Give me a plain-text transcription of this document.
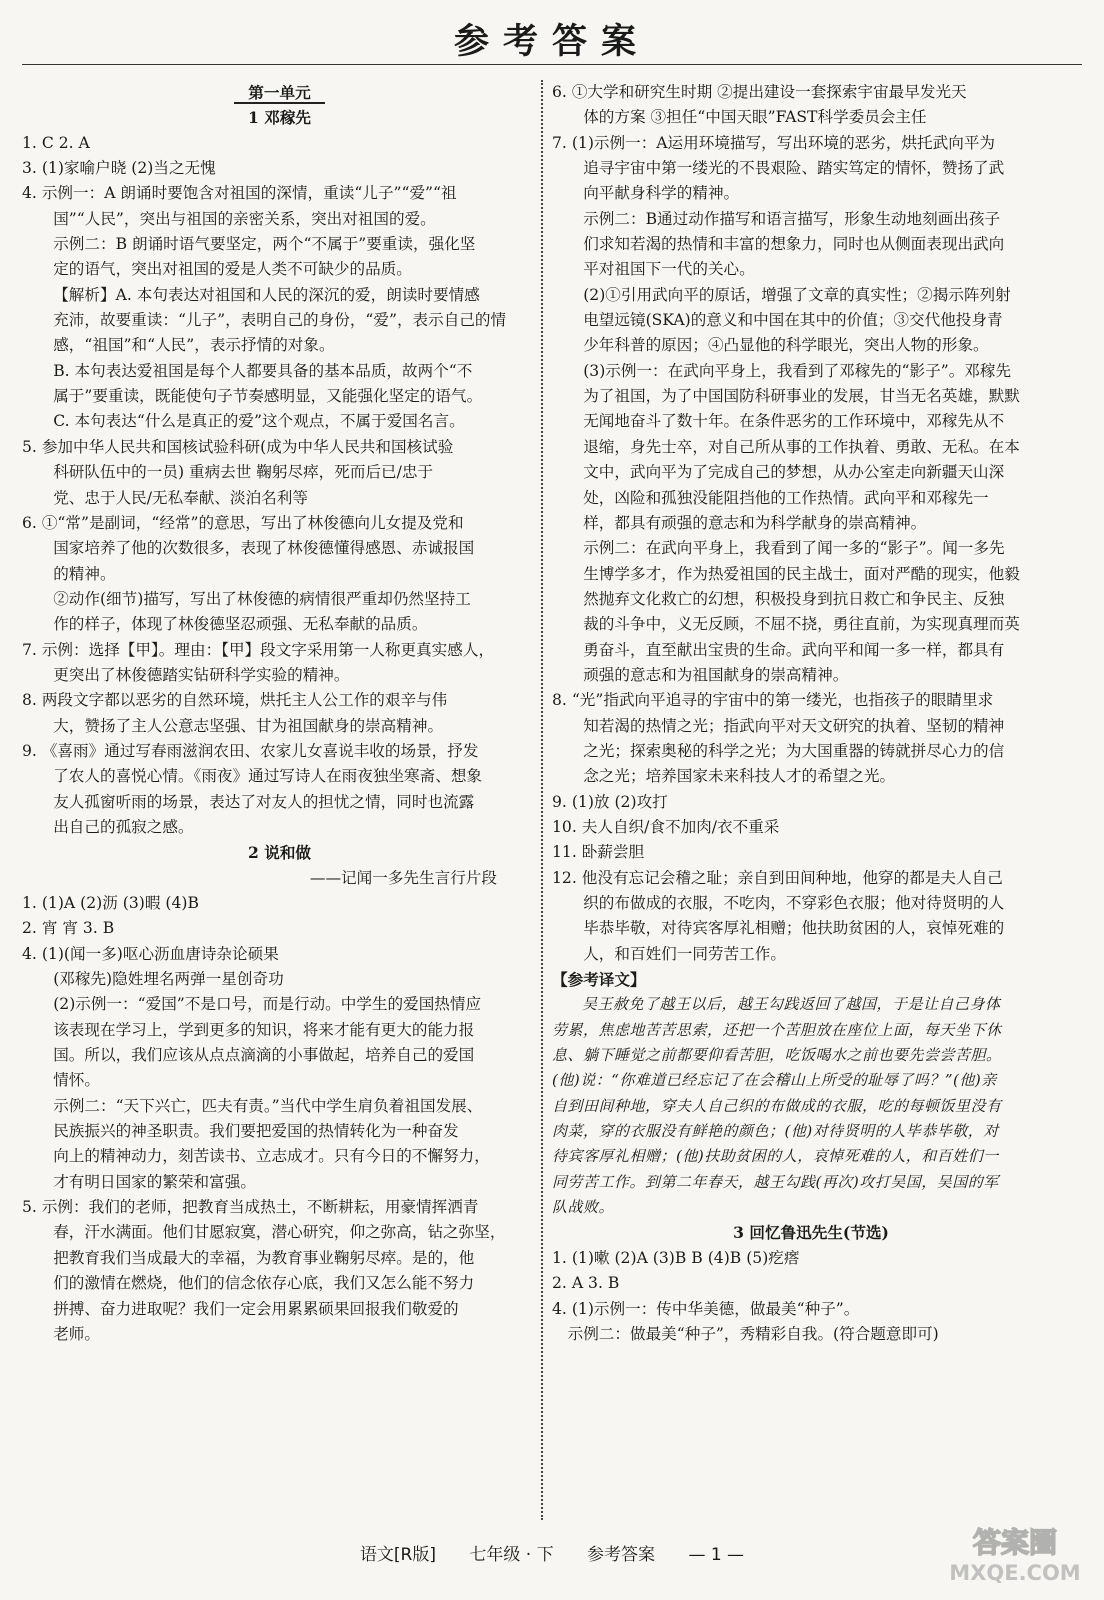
参考答案
第一单元
1 邓稼先
1. C 2. A
3. (1)家喻户晓 (2)当之无愧
4. 示例一：A 朗诵时要饱含对祖国的深情，重读“儿子”“爱”“祖
国”“人民”，突出与祖国的亲密关系，突出对祖国的爱。
示例二：B 朗诵时语气要坚定，两个“不属于”要重读，强化坚
定的语气，突出对祖国的爱是人类不可缺少的品质。
【解析】A. 本句表达对祖国和人民的深沉的爱，朗读时要情感
充沛，故要重读：“儿子”，表明自己的身份，“爱”，表示自己的情
感，“祖国”和“人民”，表示抒情的对象。
B. 本句表达爱祖国是每个人都要具备的基本品质，故两个“不
属于”要重读，既能使句子节奏感明显，又能强化坚定的语气。
C. 本句表达“什么是真正的爱”这个观点，不属于爱国名言。
5. 参加中华人民共和国核试验科研(成为中华人民共和国核试验
科研队伍中的一员) 重病去世 鞠躬尽瘁，死而后已/忠于
党、忠于人民/无私奉献、淡泊名利等
6. ①“常”是副词，“经常”的意思，写出了林俊德向儿女提及党和
国家培养了他的次数很多，表现了林俊德懂得感恩、赤诚报国
的精神。
②动作(细节)描写，写出了林俊德的病情很严重却仍然坚持工
作的样子，体现了林俊德坚忍顽强、无私奉献的品质。
7. 示例：选择【甲】。理由：【甲】段文字采用第一人称更真实感人，
更突出了林俊德踏实钻研科学实验的精神。
8. 两段文字都以恶劣的自然环境，烘托主人公工作的艰辛与伟
大，赞扬了主人公意志坚强、甘为祖国献身的崇高精神。
9. 《喜雨》通过写春雨滋润农田、农家儿女喜说丰收的场景，抒发
了农人的喜悦心情。《雨夜》通过写诗人在雨夜独坐寒斋、想象
友人孤窗听雨的场景，表达了对友人的担忧之情，同时也流露
出自己的孤寂之感。
2 说和做
——记闻一多先生言行片段
1. (1)A (2)沥 (3)暇 (4)B
2. 宵 宵 3. B
4. (1)(闻一多)呕心沥血唐诗杂论硕果
(邓稼先)隐姓埋名两弹一星创奇功
(2)示例一：“爱国”不是口号，而是行动。中学生的爱国热情应
该表现在学习上，学到更多的知识，将来才能有更大的能力报
国。所以，我们应该从点点滴滴的小事做起，培养自己的爱国
情怀。
示例二：“天下兴亡，匹夫有责。”当代中学生肩负着祖国发展、
民族振兴的神圣职责。我们要把爱国的热情转化为一种奋发
向上的精神动力，刻苦读书、立志成才。只有今日的不懈努力，
才有明日国家的繁荣和富强。
5. 示例：我们的老师，把教育当成热土，不断耕耘，用豪情挥洒青
春，汗水满面。他们甘愿寂寞，潜心研究，仰之弥高，钻之弥坚，
把教育我们当成最大的幸福，为教育事业鞠躬尽瘁。是的，他
们的激情在燃烧，他们的信念依存心底，我们又怎么能不努力
拼搏、奋力进取呢？我们一定会用累累硕果回报我们敬爱的
老师。
6. ①大学和研究生时期 ②提出建设一套探索宇宙最早发光天
体的方案 ③担任“中国天眼”FAST科学委员会主任
7. (1)示例一：A运用环境描写，写出环境的恶劣，烘托武向平为
追寻宇宙中第一缕光的不畏艰险、踏实笃定的情怀，赞扬了武
向平献身科学的精神。
示例二：B通过动作描写和语言描写，形象生动地刻画出孩子
们求知若渴的热情和丰富的想象力，同时也从侧面表现出武向
平对祖国下一代的关心。
(2)①引用武向平的原话，增强了文章的真实性；②揭示阵列射
电望远镜(SKA)的意义和中国在其中的价值；③交代他投身青
少年科普的原因；④凸显他的科学眼光，突出人物的形象。
(3)示例一：在武向平身上，我看到了邓稼先的“影子”。邓稼先
为了祖国，为了中国国防科研事业的发展，甘当无名英雄，默默
无闻地奋斗了数十年。在条件恶劣的工作环境中，邓稼先从不
退缩，身先士卒，对自己所从事的工作执着、勇敢、无私。在本
文中，武向平为了完成自己的梦想，从办公室走向新疆天山深
处，凶险和孤独没能阻挡他的工作热情。武向平和邓稼先一
样，都具有顽强的意志和为科学献身的崇高精神。
示例二：在武向平身上，我看到了闻一多的“影子”。闻一多先
生博学多才，作为热爱祖国的民主战士，面对严酷的现实，他毅
然抛弃文化救亡的幻想，积极投身到抗日救亡和争民主、反独
裁的斗争中，义无反顾，不屈不挠，勇往直前，为实现真理而英
勇奋斗，直至献出宝贵的生命。武向平和闻一多一样，都具有
顽强的意志和为祖国献身的崇高精神。
8. “光”指武向平追寻的宇宙中的第一缕光，也指孩子的眼睛里求
知若渴的热情之光；指武向平对天文研究的执着、坚韧的精神
之光；探索奥秘的科学之光；为大国重器的铸就拼尽心力的信
念之光；培养国家未来科技人才的希望之光。
9. (1)放 (2)攻打
10. 夫人自织/食不加肉/衣不重采
11. 卧薪尝胆
12. 他没有忘记会稽之耻；亲自到田间种地，他穿的都是夫人自己
织的布做成的衣服，不吃肉，不穿彩色衣服；他对待贤明的人
毕恭毕敬，对待宾客厚礼相赠；他扶助贫困的人，哀悼死难的
人，和百姓们一同劳苦工作。
【参考译文】
吴王赦免了越王以后，越王勾践返回了越国，于是让自己身体
劳累，焦虑地苦苦思索，还把一个苦胆放在座位上面，每天坐下休
息、躺下睡觉之前都要仰看苦胆，吃饭喝水之前也要先尝尝苦胆。
(他)说：“你难道已经忘记了在会稽山上所受的耻辱了吗？”(他)亲
自到田间种地，穿夫人自己织的布做成的衣服，吃的每顿饭里没有
肉菜，穿的衣服没有鲜艳的颜色；(他)对待贤明的人毕恭毕敬，对
待宾客厚礼相赠；(他)扶助贫困的人，哀悼死难的人，和百姓们一
同劳苦工作。到第二年春天，越王勾践(再次)攻打吴国，吴国的军
队战败。
3 回忆鲁迅先生(节选)
1. (1)嗽 (2)A (3)B B (4)B (5)疙瘩
2. A 3. B
4. (1)示例一：传中华美德，做最美“种子”。
示例二：做最美“种子”，秀精彩自我。(符合题意即可)
语文[R版] 七年级 · 下 参考答案 — 1 —	答案圈
MXQE.COM
